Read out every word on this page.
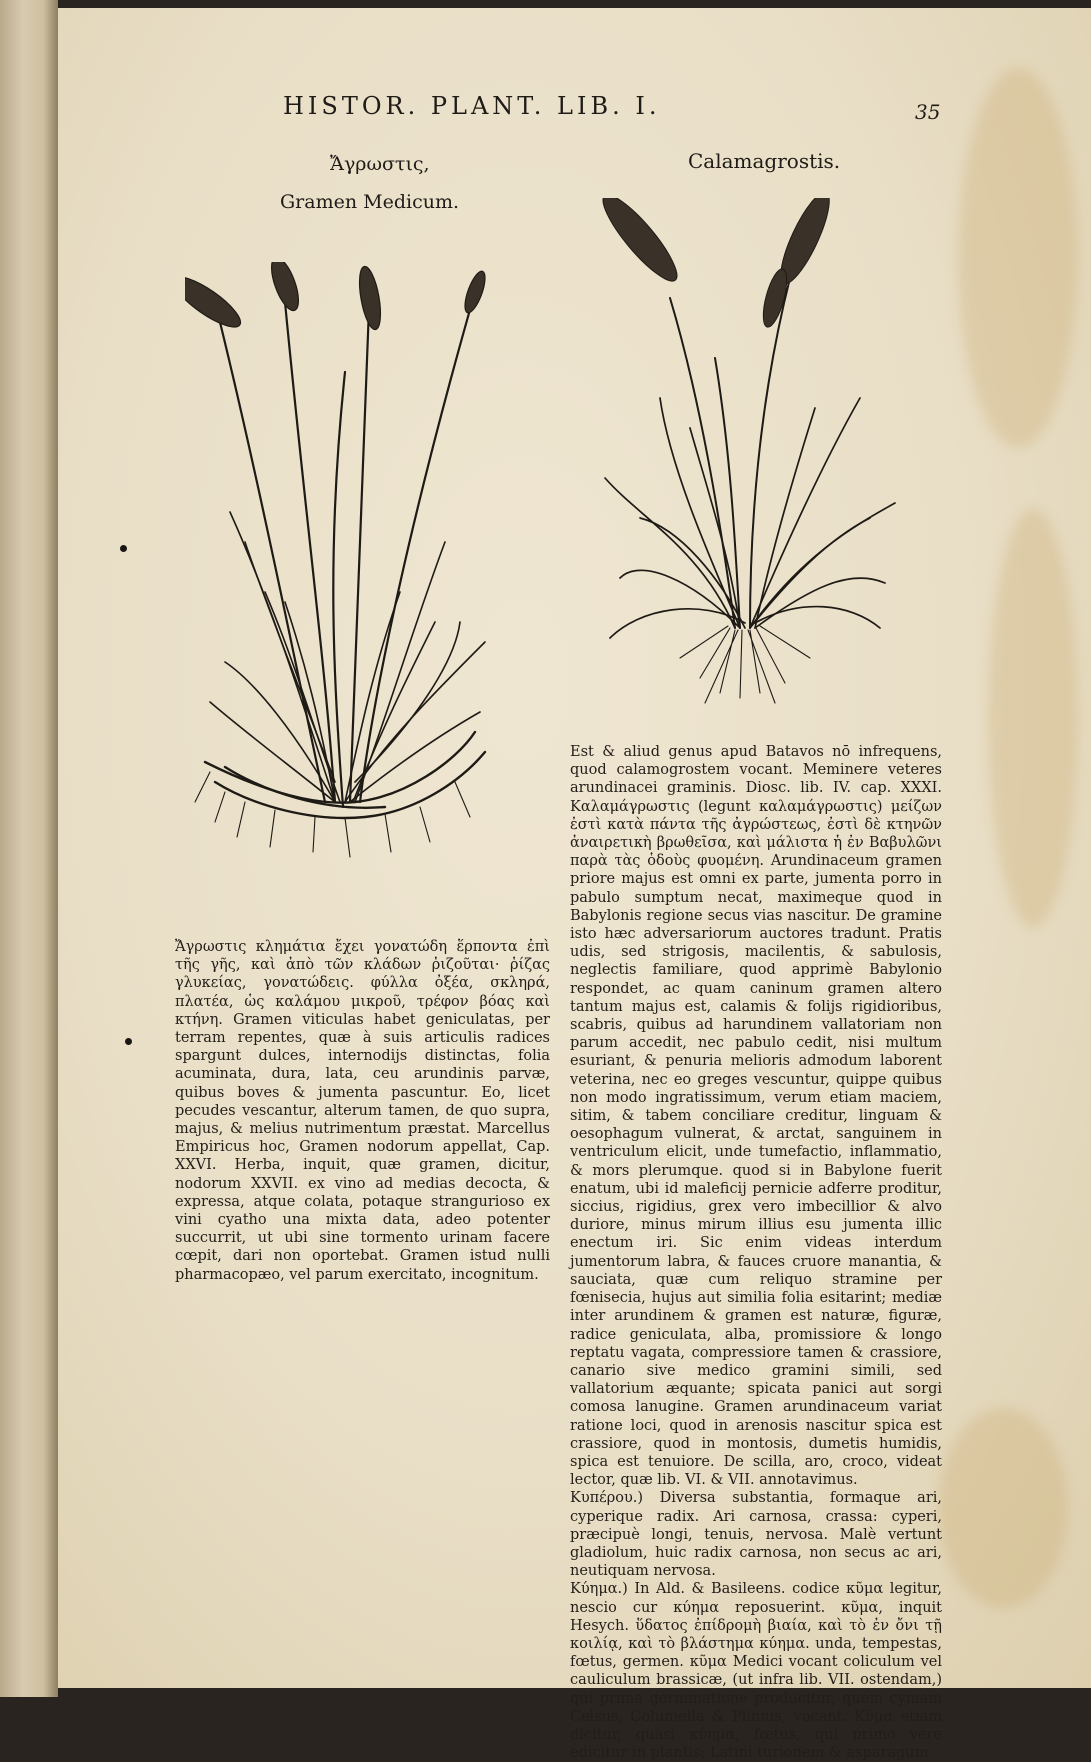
HISTOR. PLANT. LIB. I.	35
Ἄγρωστις,
Gramen Medicum.
Calamagrostis.

Ἄγρωστις κλημάτια ἔχει γονατώδη ἕρποντα ἐπὶ τῆς γῆς, καὶ ἀπὸ τῶν κλάδων ῥιζοῦται· ῥίζας γλυκείας, γονατώδεις. φύλλα ὀξέα, σκληρά, πλατέα, ὡς καλάμου μικροῦ, τρέφον βόας καὶ κτήνη. Gramen viticulas habet geniculatas, per terram repentes, quæ à suis articulis radices spargunt dulces, internodijs distinctas, folia acuminata, dura, lata, ceu arundinis parvæ, quibus boves & jumenta pascuntur. Eo, licet pecudes vescantur, alterum tamen, de quo supra, majus, & melius nutrimentum præstat. Marcellus Empiricus hoc, Gramen nodorum appellat, Cap. XXVI. Herba, inquit, quæ gramen, dicitur, nodorum XXVII. ex vino ad medias decocta, & expressa, atque colata, potaque stranguriosо ex vini cyatho una mixta data, adeo potenter succurrit, ut ubi sine tormento urinam facere cœpit, dari non oportebat. Gramen istud nulli pharmacopæo, vel parum exercitato, incognitum.

Est & aliud genus apud Batavos nō infrequens, quod calamogrostem vocant. Meminere veteres arundinacei graminis. Diosc. lib. IV. cap. XXXI. Καλαμάγρωστις (legunt καλαμάγρωστις) μείζων ἐστὶ κατὰ πάντα τῆς ἀγρώστεως, ἐστὶ δὲ κτηνῶν ἀναιρετικὴ βρωθεῖσα, καὶ μάλιστα ἡ ἐν Βαβυλῶνι παρὰ τὰς ὁδοὺς φυομένη. Arundinaceum gramen priore majus est omni ex parte, jumenta porro in pabulo sumptum necat, maximeque quod in Babylonis regione secus vias nascitur. De gramine isto hæc adversariorum auctores tradunt. Pratis udis, sed strigosis, macilentis, & sabulosis, neglectis familiare, quod apprimè Babylonio respondet, ac quam caninum gramen altero tantum majus est, calamis & folijs rigidioribus, scabris, quibus ad harundinem vallatoriam non parum accedit, nec pabulo cedit, nisi multum esuriant, & penuria melioris admodum laborent veterina, nec eo greges vescuntur, quippe quibus non modo ingratissimum, verum etiam maciem, sitim, & tabem conciliare creditur, linguam & oesophagum vulnerat, & arctat, sanguinem in ventriculum elicit, unde tumefactio, inflammatio, & mors plerumque. quod si in Babylone fuerit enatum, ubi id maleficij pernicie adferre proditur, siccius, rigidius, grex vero imbecillior & alvo duriore, minus mirum illius esu jumenta illic enectum iri. Sic enim videas interdum jumentorum labra, & fauces cruore manantia, & sauciata, quæ cum reliquo stramine per fœnisecia, hujus aut similia folia esitarint; mediæ inter arundinem & gramen est naturæ, figuræ, radice geniculata, alba, promissiore & longo reptatu vagata, compressiore tamen & crassiore, canario sive medico gramini simili, sed vallatorium æquante; spicata panici aut sorgi comosa lanugine. Gramen arundinaceum variat ratione loci, quod in arenosis nascitur spica est crassiore, quod in montosis, dumetis humidis, spica est tenuiore. De scilla, aro, croco, videat lector, quæ lib. VI. & VII. annotavimus.

Κυπέρου.) Diversa substantia, formaque ari, cyperique radix. Ari carnosa, crassa: cyperi, præcipuè longi, tenuis, nervosa. Malè vertunt gladiolum, huic radix carnosa, non secus ac ari, neutiquam nervosa.

Κύημα.) In Ald. & Basileens. codice κῦμα legitur, nescio cur κύημα reposuerint. κῦμα, inquit Hesych. ὕδατος ἐπίδρομὴ βιαία, καὶ τὸ ἐν ὄνι τῇ κοιλίᾳ, καὶ τὸ βλάστημα κύημα. unda, tempestas, fœtus, germen. κῦμα Medici vocant coliculum vel cauliculum brassicæ, (ut infra lib. VII. ostendam,) qui prima germinatione producitur, quem cymam Celsus, Columella & Plinius, vocant. Κῦμα etiam dicitur, quasi κύημα, fœtus, qui primo vere edicitur in plantis; Latini turionem & asparagum
